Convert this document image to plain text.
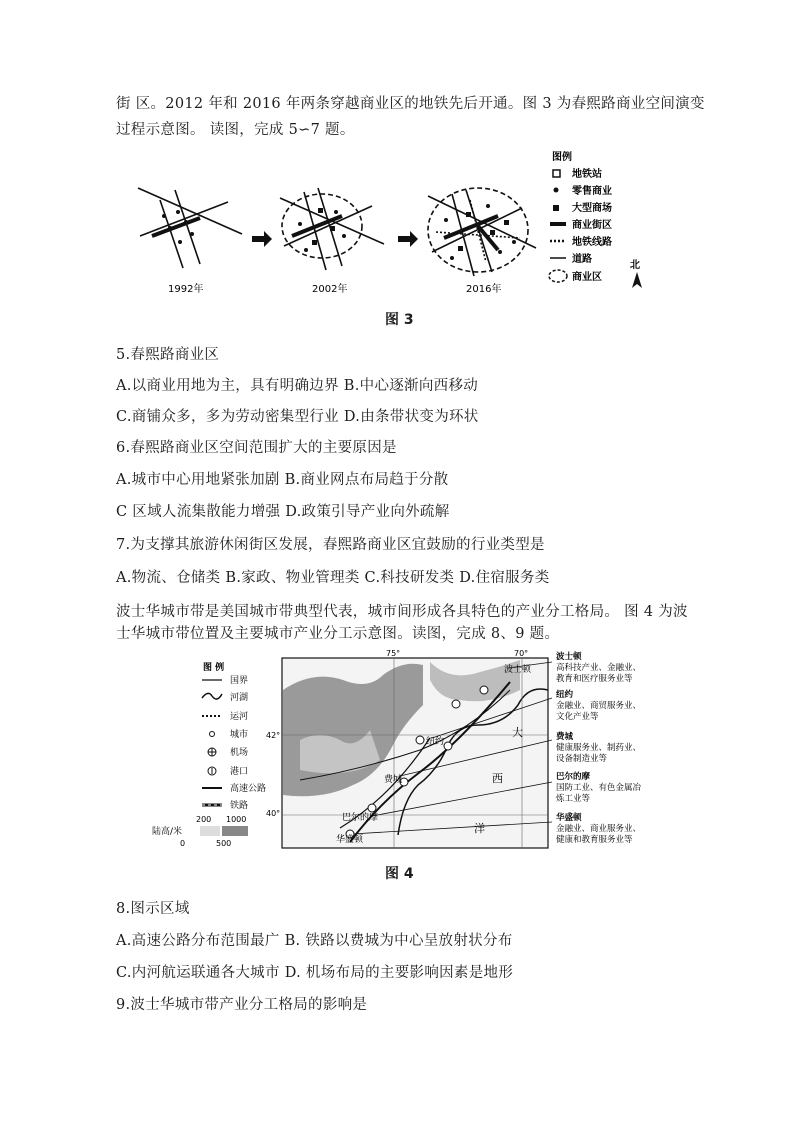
街 区。2012 年和 2016 年两条穿越商业区的地铁先后开通。图 3 为春熙路商业空间演变
过程示意图。 读图，完成 5∽7 题。
1992年	2002年	2016年
图例
地铁站
零售商业
大型商场
商业街区
地铁线路
道路
商业区
北
图 3
5.春熙路商业区
A.以商业用地为主，具有明确边界 B.中心逐渐向西移动
C.商铺众多，多为劳动密集型行业 D.由条带状变为环状
6.春熙路商业区空间范围扩大的主要原因是
A.城市中心用地紧张加剧 B.商业网点布局趋于分散
C 区域人流集散能力增强 D.政策引导产业向外疏解
7.为支撑其旅游休闲街区发展，春熙路商业区宜鼓励的行业类型是
A.物流、仓储类 B.家政、物业管理类 C.科技研发类 D.住宿服务类
波士华城市带是美国城市带典型代表，城市间形成各具特色的产业分工格局。 图 4 为波
士华城市带位置及主要城市产业分工示意图。读图，完成 8、9 题。
图 例
国界
河湖
运河
城市
机场
港口
高速公路
铁路
陆高/米
200 1000
0	500
75°	70°
42°
40°
波士顿
纽约
费城
巴尔的摩
华盛顿
大
西
洋
波士顿
高科技产业、金融业、
教育和医疗服务业等
纽约
金融业、商贸服务业、
文化产业等
费城
健康服务业、制药业、
设备制造业等
巴尔的摩
国防工业、有色金属冶
炼工业等
华盛顿
金融业、商业服务业、
健康和教育服务业等
图 4
8.图示区域
A.高速公路分布范围最广 B. 铁路以费城为中心呈放射状分布
C.内河航运联通各大城市 D. 机场布局的主要影响因素是地形
9.波士华城市带产业分工格局的影响是
